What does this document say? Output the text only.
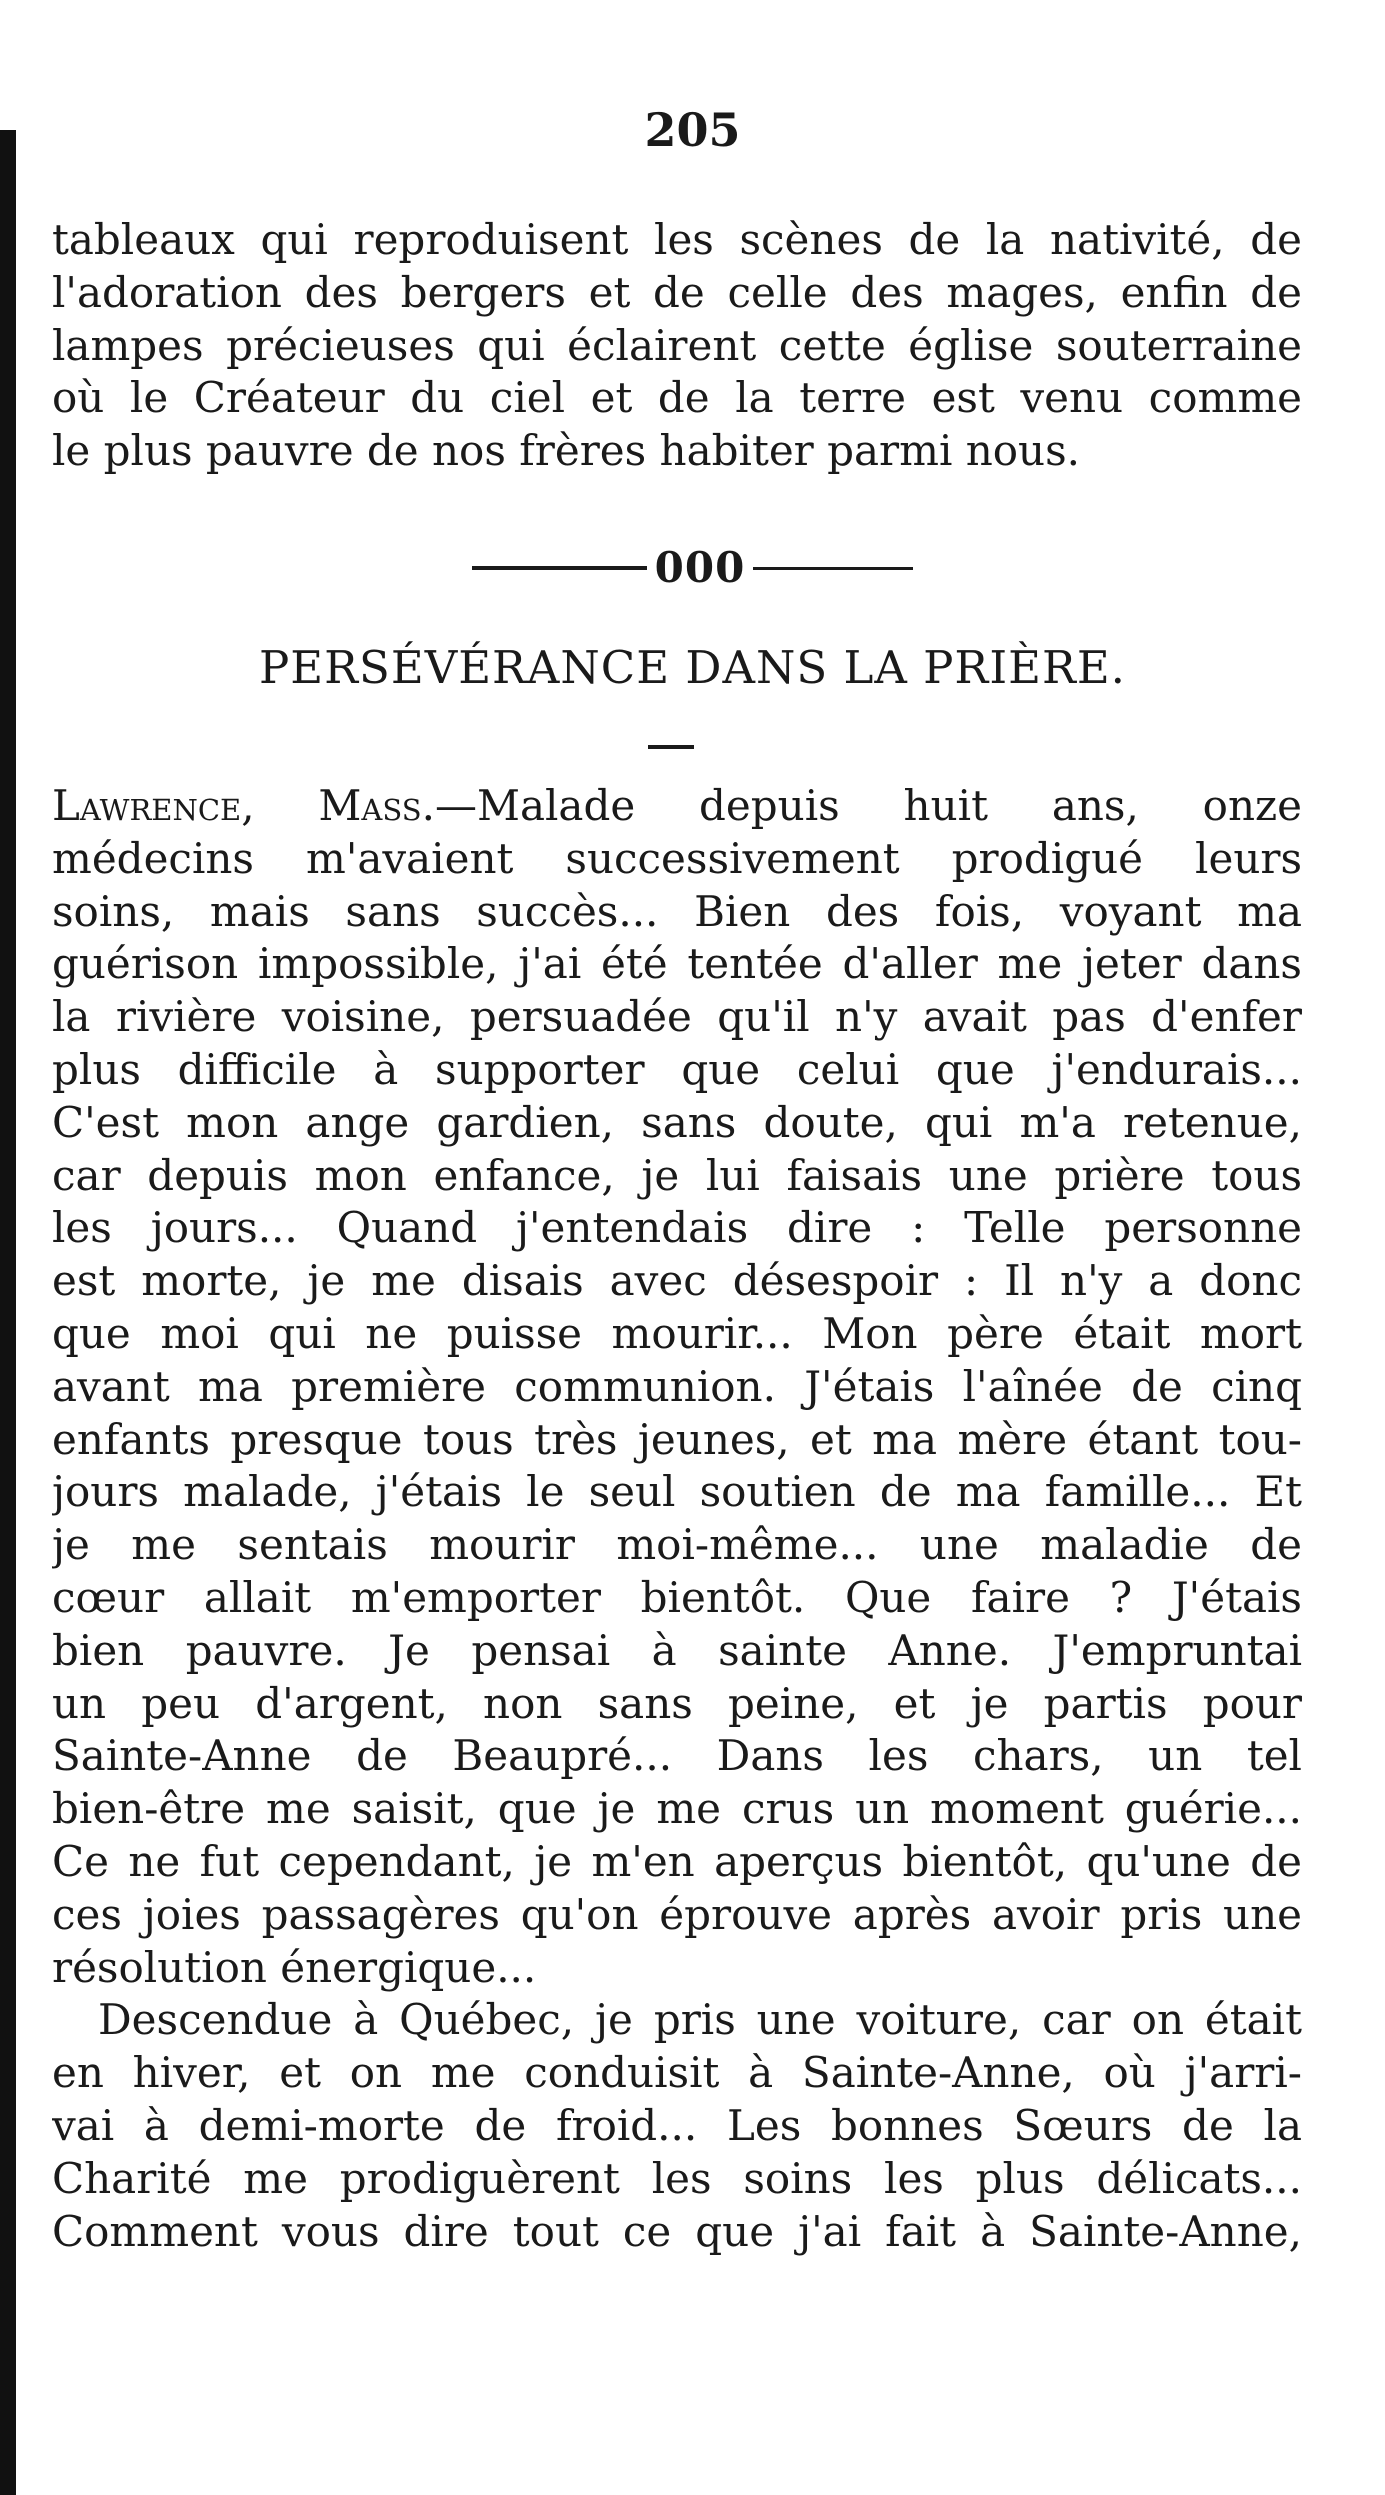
205
tableaux qui reproduisent les scènes de la nativité, de
l'adoration des bergers et de celle des mages, enfin de
lampes précieuses qui éclairent cette église souterraine
où le Créateur du ciel et de la terre est venu comme
le plus pauvre de nos frères habiter parmi nous.
000
PERSÉVÉRANCE DANS LA PRIÈRE.
Lawrence, Mass.—Malade depuis huit ans, onze
médecins m'avaient successivement prodigué leurs
soins, mais sans succès... Bien des fois, voyant ma
guérison impossible, j'ai été tentée d'aller me jeter dans
la rivière voisine, persuadée qu'il n'y avait pas d'enfer
plus difficile à supporter que celui que j'endurais...
C'est mon ange gardien, sans doute, qui m'a retenue,
car depuis mon enfance, je lui faisais une prière tous
les jours... Quand j'entendais dire : Telle personne
est morte, je me disais avec désespoir : Il n'y a donc
que moi qui ne puisse mourir... Mon père était mort
avant ma première communion. J'étais l'aînée de cinq
enfants presque tous très jeunes, et ma mère étant tou-
jours malade, j'étais le seul soutien de ma famille... Et
je me sentais mourir moi-même... une maladie de
cœur allait m'emporter bientôt. Que faire ? J'étais
bien pauvre. Je pensai à sainte Anne. J'empruntai
un peu d'argent, non sans peine, et je partis pour
Sainte-Anne de Beaupré... Dans les chars, un tel
bien-être me saisit, que je me crus un moment guérie...
Ce ne fut cependant, je m'en aperçus bientôt, qu'une de
ces joies passagères qu'on éprouve après avoir pris une
résolution énergique...
Descendue à Québec, je pris une voiture, car on était
en hiver, et on me conduisit à Sainte-Anne, où j'arri-
vai à demi-morte de froid... Les bonnes Sœurs de la
Charité me prodiguèrent les soins les plus délicats...
Comment vous dire tout ce que j'ai fait à Sainte-Anne,
